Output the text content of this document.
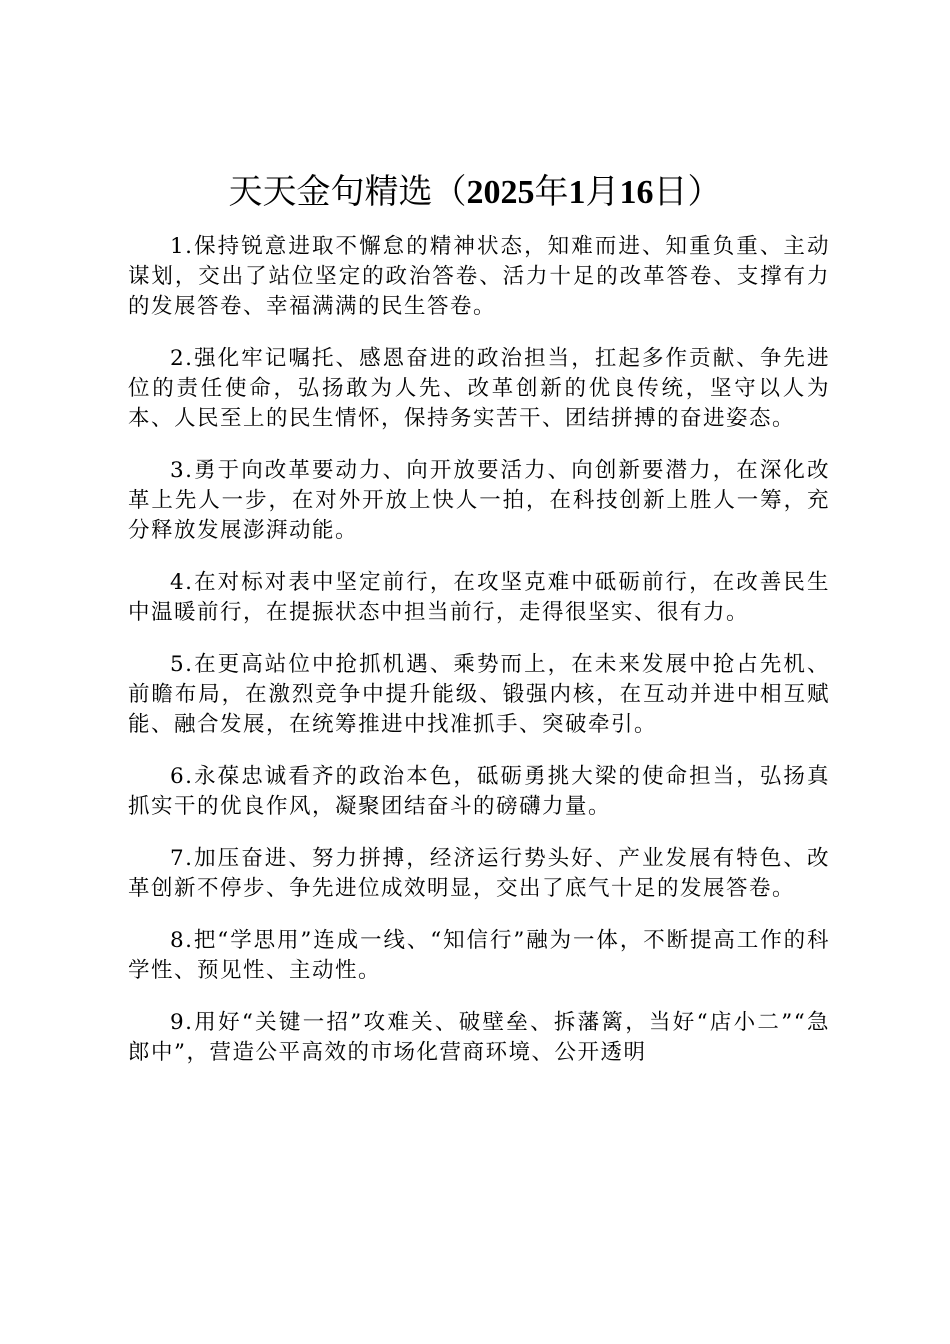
天天金句精选（2025年1月16日）

1.保持锐意进取不懈怠的精神状态，知难而进、知重负重、主动谋划，交出了站位坚定的政治答卷、活力十足的改革答卷、支撑有力的发展答卷、幸福满满的民生答卷。

2.强化牢记嘱托、感恩奋进的政治担当，扛起多作贡献、争先进位的责任使命，弘扬敢为人先、改革创新的优良传统，坚守以人为本、人民至上的民生情怀，保持务实苦干、团结拼搏的奋进姿态。

3.勇于向改革要动力、向开放要活力、向创新要潜力，在深化改革上先人一步，在对外开放上快人一拍，在科技创新上胜人一筹，充分释放发展澎湃动能。

4.在对标对表中坚定前行，在攻坚克难中砥砺前行，在改善民生中温暖前行，在提振状态中担当前行，走得很坚实、很有力。

5.在更高站位中抢抓机遇、乘势而上，在未来发展中抢占先机、前瞻布局，在激烈竞争中提升能级、锻强内核，在互动并进中相互赋能、融合发展，在统筹推进中找准抓手、突破牵引。

6.永葆忠诚看齐的政治本色，砥砺勇挑大梁的使命担当，弘扬真抓实干的优良作风，凝聚团结奋斗的磅礴力量。

7.加压奋进、努力拼搏，经济运行势头好、产业发展有特色、改革创新不停步、争先进位成效明显，交出了底气十足的发展答卷。

8.把“学思用”连成一线、“知信行”融为一体，不断提高工作的科学性、预见性、主动性。

9.用好“关键一招”攻难关、破壁垒、拆藩篱，当好“店小二”“急郎中”，营造公平高效的市场化营商环境、公开透明
